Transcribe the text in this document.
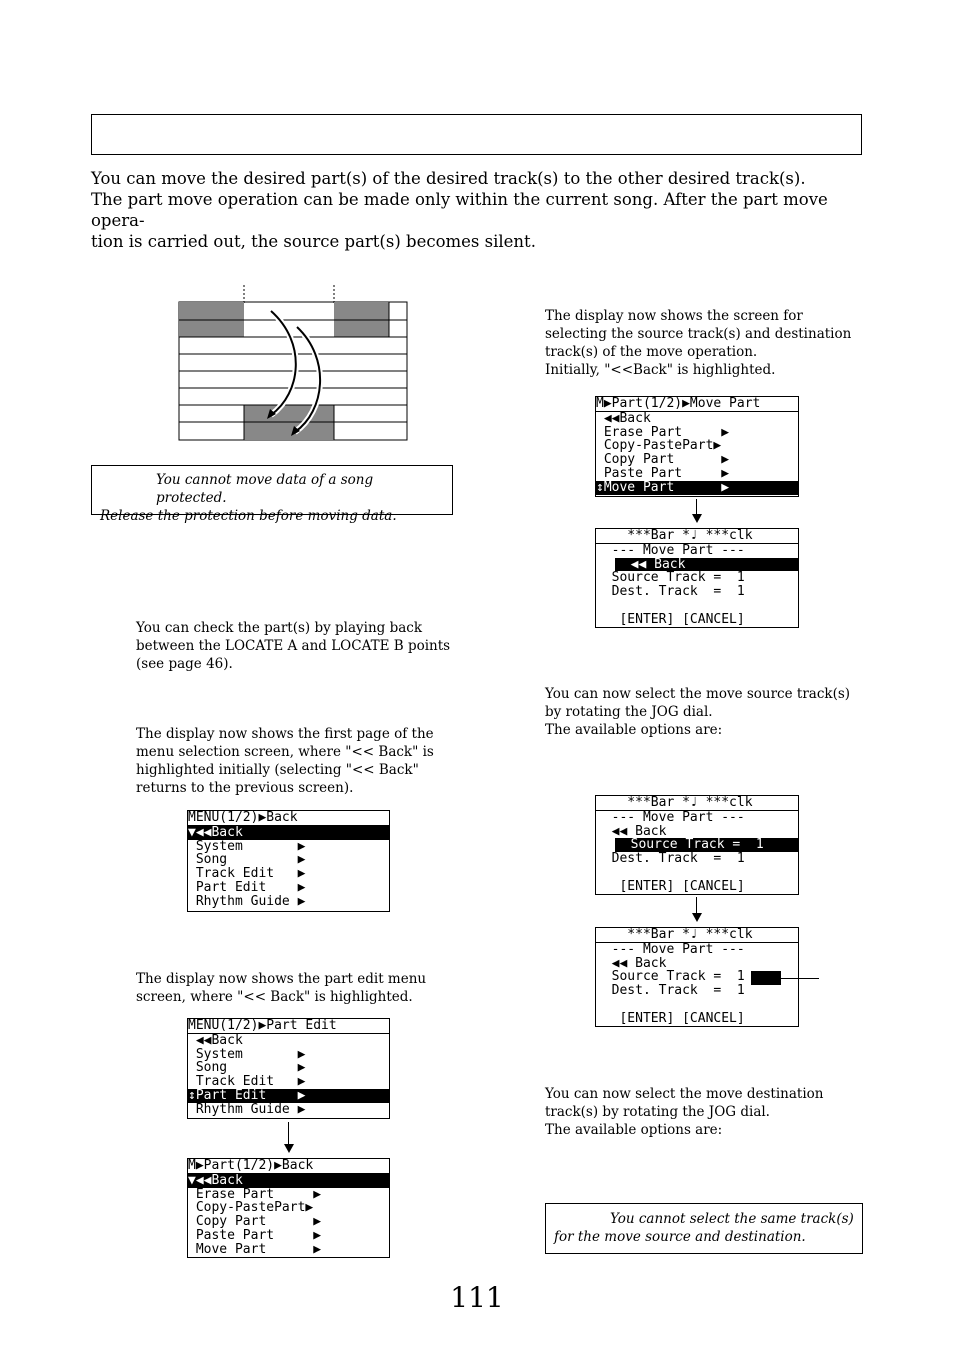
You can move the desired part(s) of the desired track(s) to the other desired track(s).

The part move operation can be made only within the current song. After the part move opera-

tion is carried out, the source part(s) becomes silent.

You cannot move data of a song protected.
Release the protection before moving data.

You can check the part(s) by playing back

between the LOCATE A and LOCATE B points

(see page 46).

The display now shows the first page of the

menu selection screen, where "<< Back" is

highlighted initially (selecting "<< Back"

returns to the previous screen).

MENU(1/2)▶Back
▼◀◀Back
System       ▶
Song         ▶
Track Edit   ▶
Part Edit    ▶
Rhythm Guide ▶

The display now shows the part edit menu

screen, where "<< Back" is highlighted.

MENU(1/2)▶Part Edit
◀◀Back
System       ▶
Song         ▶
Track Edit   ▶
↕Part Edit    ▶
Rhythm Guide ▶
M▶Part(1/2)▶Back
▼◀◀Back
Erase Part     ▶
Copy-PastePart▶
Copy Part      ▶
Paste Part     ▶
Move Part      ▶

The display now shows the screen for

selecting the source track(s) and destination

track(s) of the move operation.

Initially, "<<Back" is highlighted.

M▶Part(1/2)▶Move Part
◀◀Back
Erase Part     ▶
Copy-PastePart▶
Copy Part      ▶
Paste Part     ▶
↕Move Part      ▶
***Bar *♩ ***clk
--- Move Part ---
◀◀ Back
Source Track =  1
Dest. Track  =  1
[ENTER] [CANCEL]

You can now select the move source track(s)

by rotating the JOG dial.

The available options are:

***Bar *♩ ***clk
--- Move Part ---
◀◀ Back
Source Track =  1
Dest. Track  =  1
[ENTER] [CANCEL]
***Bar *♩ ***clk
--- Move Part ---
◀◀ Back
Source Track =  1
Dest. Track  =  1
[ENTER] [CANCEL]

You can now select the move destination

track(s) by rotating the JOG dial.

The available options are:

You cannot select the same track(s)
for the move source and destination.
111
